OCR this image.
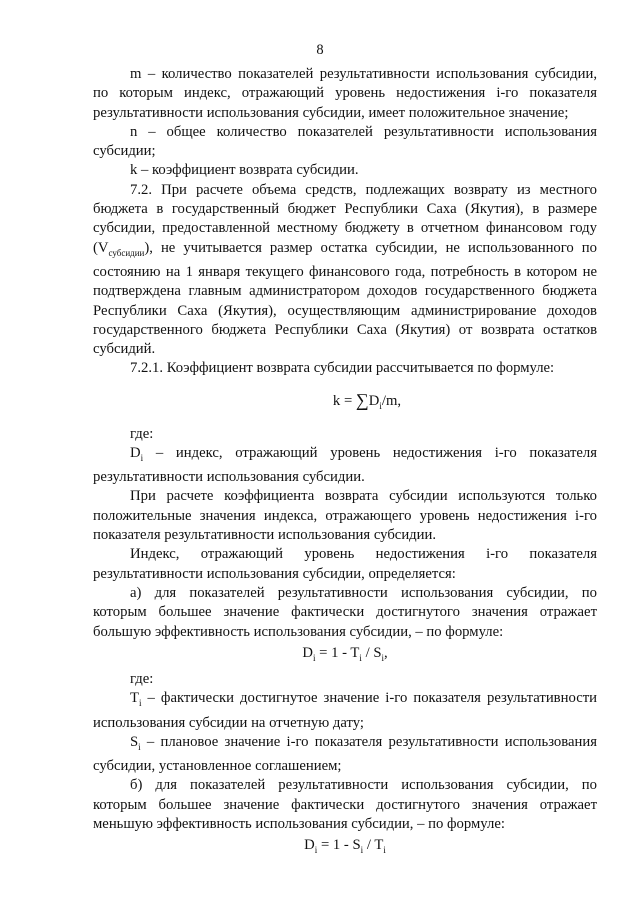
8

m – количество показателей результативности использования субсидии, по которым индекс, отражающий уровень недостижения i-го показателя результативности использования субсидии, имеет положительное значение;

n – общее количество показателей результативности использования субсидии;

k – коэффициент возврата субсидии.

7.2. При расчете объема средств, подлежащих возврату из местного бюджета в государственный бюджет Республики Саха (Якутия), в размере субсидии, предоставленной местному бюджету в отчетном финансовом году $(V_{субсидии})$, не учитывается размер остатка субсидии, не использованного по состоянию на 1 января текущего финансового года, потребность в котором не подтверждена главным администратором доходов государственного бюджета Республики Саха (Якутия), осуществляющим администрирование доходов государственного бюджета Республики Саха (Якутия) от возврата остатков субсидий.

7.2.1. Коэффициент возврата субсидии рассчитывается по формуле:

$k = \sum D_i/m$,

где:

$D_i$ – индекс, отражающий уровень недостижения i-го показателя результативности использования субсидии.

При расчете коэффициента возврата субсидии используются только положительные значения индекса, отражающего уровень недостижения i-го показателя результативности использования субсидии.

Индекс, отражающий уровень недостижения i-го показателя результативности использования субсидии, определяется:

а) для показателей результативности использования субсидии, по которым большее значение фактически достигнутого значения отражает большую эффективность использования субсидии, – по формуле:

$D_i = 1 - T_i / S_i$,

где:

$T_i$ – фактически достигнутое значение i-го показателя результативности использования субсидии на отчетную дату;

$S_i$ – плановое значение i-го показателя результативности использования субсидии, установленное соглашением;

б) для показателей результативности использования субсидии, по которым большее значение фактически достигнутого значения отражает меньшую эффективность использования субсидии, – по формуле:

$D_i = 1 - S_i / T_i$
